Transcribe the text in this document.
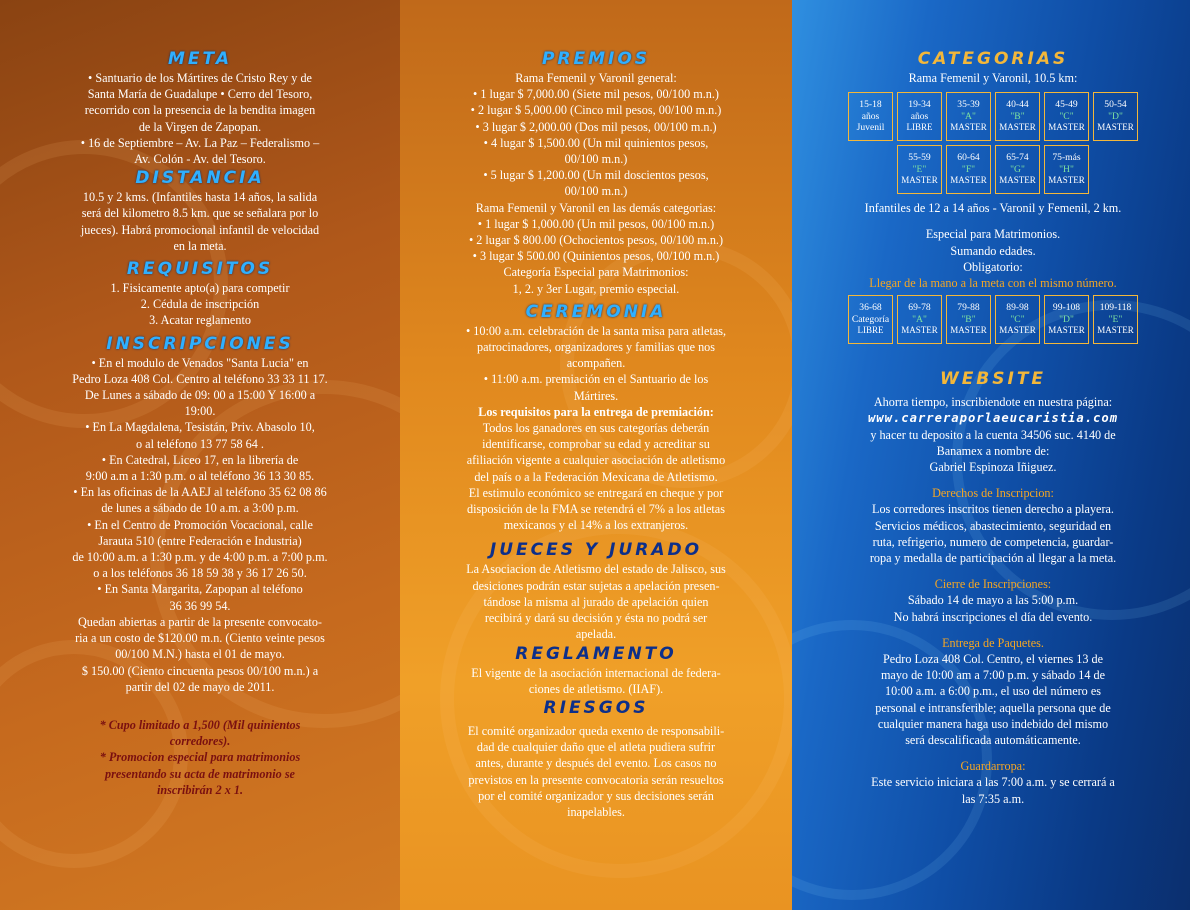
META

• Santuario de los Mártires de Cristo Rey y de

Santa María de Guadalupe • Cerro del Tesoro,

recorrido con la presencia de la bendita imagen

de la Virgen de Zapopan.

• 16 de Septiembre – Av. La Paz – Federalismo –

Av. Colón - Av. del Tesoro.

DISTANCIA

10.5 y 2 kms. (Infantiles hasta 14 años, la salida

será del kilometro 8.5 km. que se señalara por lo

jueces). Habrá promocional infantil de velocidad

en la meta.

REQUISITOS

1. Fisicamente apto(a) para competir

2. Cédula de inscripción

3. Acatar reglamento

INSCRIPCIONES

• En el modulo de Venados "Santa Lucia" en

Pedro Loza 408 Col. Centro al teléfono 33 33 11 17.

De Lunes a sábado de 09: 00 a 15:00 Y 16:00 a

19:00.

• En La Magdalena, Tesistán, Priv. Abasolo 10,

o al teléfono 13 77 58 64 .

• En Catedral, Liceo 17, en la librería de

9:00 a.m a 1:30 p.m. o al teléfono 36 13 30 85.

• En las oficinas de la AAEJ al teléfono 35 62 08 86

de lunes a sábado de 10 a.m. a 3:00 p.m.

• En el Centro de Promoción Vocacional, calle

Jarauta 510 (entre Federación e Industria)

de 10:00 a.m. a 1:30 p.m. y de 4:00 p.m. a 7:00 p.m.

o a los teléfonos 36 18 59 38 y 36 17 26 50.

• En Santa Margarita, Zapopan al teléfono

36 36 99 54.

Quedan abiertas a partir de la presente convocato-

ria a un costo de $120.00 m.n. (Ciento veinte pesos

00/100 M.N.) hasta el 01 de mayo.

$ 150.00 (Ciento cincuenta pesos 00/100 m.n.) a

partir del 02 de mayo de 2011.

* Cupo limitado a 1,500 (Mil quinientos

corredores).

* Promocion especial para matrimonios

presentando su acta de matrimonio se

inscribirán 2 x 1.

PREMIOS

Rama Femenil y Varonil general:

• 1 lugar $ 7,000.00 (Siete mil pesos, 00/100 m.n.)

• 2 lugar $ 5,000.00 (Cinco mil pesos, 00/100 m.n.)

• 3 lugar $ 2,000.00 (Dos mil pesos, 00/100 m.n.)

• 4 lugar $ 1,500.00 (Un mil quinientos pesos,

00/100 m.n.)

• 5 lugar $ 1,200.00 (Un mil doscientos pesos,

00/100 m.n.)

Rama Femenil y Varonil en las demás categorias:

• 1 lugar $ 1,000.00 (Un mil pesos, 00/100 m.n.)

• 2 lugar $ 800.00 (Ochocientos pesos, 00/100 m.n.)

• 3 lugar $ 500.00 (Quinientos pesos, 00/100 m.n.)

Categoría Especial para Matrimonios:

1, 2. y 3er Lugar, premio especial.

CEREMONIA

• 10:00 a.m. celebración de la santa misa para atletas,

patrocinadores, organizadores y familias que nos

acompañen.

• 11:00 a.m. premiación en el Santuario de los

Mártires.

Los requisitos para la entrega de premiación:

Todos los ganadores en sus categorías deberán

identificarse, comprobar su edad y acreditar su

afiliación vigente a cualquier asociación de atletismo

del país o a la Federación Mexicana de Atletismo.

El estimulo económico se entregará en cheque y por

disposición de la FMA se retendrá el 7% a los atletas

mexicanos y el 14% a los extranjeros.

JUECES Y JURADO

La Asociacion de Atletismo del estado de Jalisco, sus

desiciones podrán estar sujetas a apelación presen-

tándose la misma al jurado de apelación quien

recibirá y dará su decisión y ésta no podrá ser

apelada.

REGLAMENTO

El vigente de la asociación internacional de federa-

ciones de atletismo. (IIAF).

RIESGOS

El comité organizador queda exento de responsabili-

dad de cualquier daño que el atleta pudiera sufrir

antes, durante y después del evento. Los casos no

previstos en la presente convocatoria serán resueltos

por el comité organizador y sus decisiones serán

inapelables.

CATEGORIAS

Rama Femenil y Varonil, 10.5 km:

15-18
años
Juvenil
19-34
años
LIBRE
35-39
"A"
MASTER
40-44
"B"
MASTER
45-49
"C"
MASTER
50-54
"D"
MASTER
55-59
"E"
MASTER
60-64
"F"
MASTER
65-74
"G"
MASTER
75-más
"H"
MASTER

Infantiles de 12 a 14 años - Varonil y Femenil, 2 km.

Especial para Matrimonios.

Sumando edades.

Obligatorio:

Llegar de la mano a la meta con el mismo número.

36-68
Categoría
LIBRE
69-78
"A"
MASTER
79-88
"B"
MASTER
89-98
"C"
MASTER
99-108
"D"
MASTER
109-118
"E"
MASTER

WEBSITE

Ahorra tiempo, inscribiendote en nuestra página:

www.carreraporlaeucaristia.com

y hacer tu deposito a la cuenta 34506 suc. 4140 de

Banamex a nombre de:

Gabriel Espinoza Iñiguez.

Derechos de Inscripcion:

Los corredores inscritos tienen derecho a playera.

Servicios médicos, abastecimiento, seguridad en

ruta, refrigerio, numero de competencia, guardar-

ropa y medalla de participación al llegar a la meta.

Cierre de Inscripciones:

Sábado 14 de mayo a las 5:00 p.m.

No habrá inscripciones el día del evento.

Entrega de Paquetes.

Pedro Loza 408 Col. Centro, el viernes 13 de

mayo de 10:00 am a 7:00 p.m. y sábado 14 de

10:00 a.m. a 6:00 p.m., el uso del número es

personal e intransferible; aquella persona que de

cualquier manera haga uso indebido del mismo

será descalificada automáticamente.

Guardarropa:

Este servicio iniciara a las 7:00 a.m. y se cerrará a

las 7:35 a.m.
